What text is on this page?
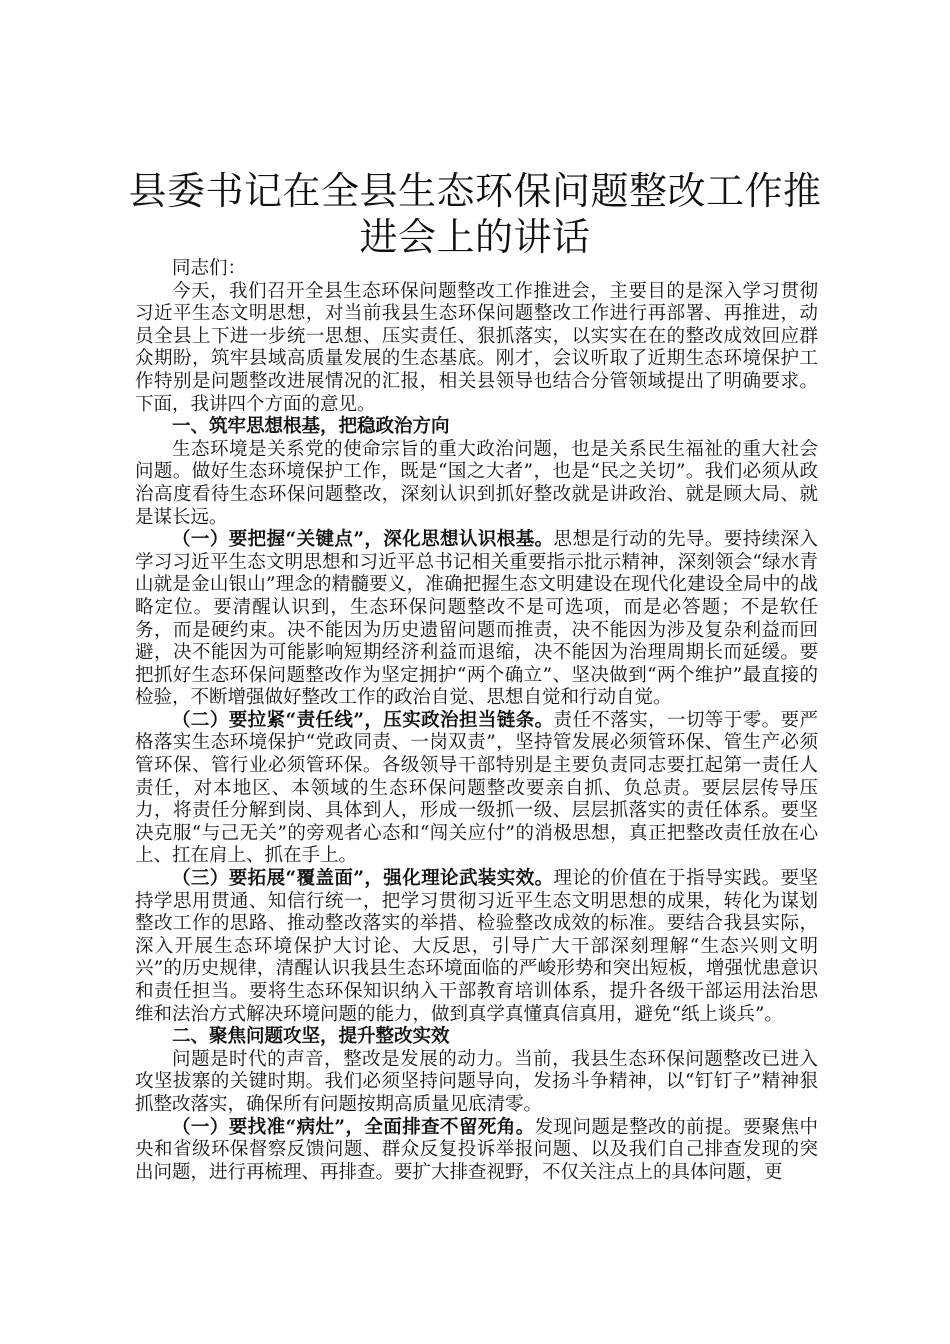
县委书记在全县生态环保问题整改工作推进会上的讲话

同志们：

今天，我们召开全县生态环保问题整改工作推进会，主要目的是深入学习贯彻习近平生态文明思想，对当前我县生态环保问题整改工作进行再部署、再推进，动员全县上下进一步统一思想、压实责任、狠抓落实，以实实在在的整改成效回应群众期盼，筑牢县域高质量发展的生态基底。刚才，会议听取了近期生态环境保护工作特别是问题整改进展情况的汇报，相关县领导也结合分管领域提出了明确要求。下面，我讲四个方面的意见。

一、筑牢思想根基，把稳政治方向

生态环境是关系党的使命宗旨的重大政治问题，也是关系民生福祉的重大社会问题。做好生态环境保护工作，既是“国之大者”，也是“民之关切”。我们必须从政治高度看待生态环保问题整改，深刻认识到抓好整改就是讲政治、就是顾大局、就是谋长远。

（一）要把握“关键点”，深化思想认识根基。思想是行动的先导。要持续深入学习习近平生态文明思想和习近平总书记相关重要指示批示精神，深刻领会“绿水青山就是金山银山”理念的精髓要义，准确把握生态文明建设在现代化建设全局中的战略定位。要清醒认识到，生态环保问题整改不是可选项，而是必答题；不是软任务，而是硬约束。决不能因为历史遗留问题而推责，决不能因为涉及复杂利益而回避，决不能因为可能影响短期经济利益而退缩，决不能因为治理周期长而延缓。要把抓好生态环保问题整改作为坚定拥护“两个确立”、坚决做到“两个维护”最直接的检验，不断增强做好整改工作的政治自觉、思想自觉和行动自觉。

（二）要拉紧“责任线”，压实政治担当链条。责任不落实，一切等于零。要严格落实生态环境保护“党政同责、一岗双责”，坚持管发展必须管环保、管生产必须管环保、管行业必须管环保。各级领导干部特别是主要负责同志要扛起第一责任人责任，对本地区、本领域的生态环保问题整改要亲自抓、负总责。要层层传导压力，将责任分解到岗、具体到人，形成一级抓一级、层层抓落实的责任体系。要坚决克服“与己无关”的旁观者心态和“闯关应付”的消极思想，真正把整改责任放在心上、扛在肩上、抓在手上。

（三）要拓展“覆盖面”，强化理论武装实效。理论的价值在于指导实践。要坚持学思用贯通、知信行统一，把学习贯彻习近平生态文明思想的成果，转化为谋划整改工作的思路、推动整改落实的举措、检验整改成效的标准。要结合我县实际，深入开展生态环境保护大讨论、大反思，引导广大干部深刻理解“生态兴则文明兴”的历史规律，清醒认识我县生态环境面临的严峻形势和突出短板，增强忧患意识和责任担当。要将生态环保知识纳入干部教育培训体系，提升各级干部运用法治思维和法治方式解决环境问题的能力，做到真学真懂真信真用，避免“纸上谈兵”。

二、聚焦问题攻坚，提升整改实效

问题是时代的声音，整改是发展的动力。当前，我县生态环保问题整改已进入攻坚拔寨的关键时期。我们必须坚持问题导向，发扬斗争精神，以“钉钉子”精神狠抓整改落实，确保所有问题按期高质量见底清零。

（一）要找准“病灶”，全面排查不留死角。发现问题是整改的前提。要聚焦中央和省级环保督察反馈问题、群众反复投诉举报问题、以及我们自己排查发现的突出问题，进行再梳理、再排查。要扩大排查视野，不仅关注点上的具体问题，更
